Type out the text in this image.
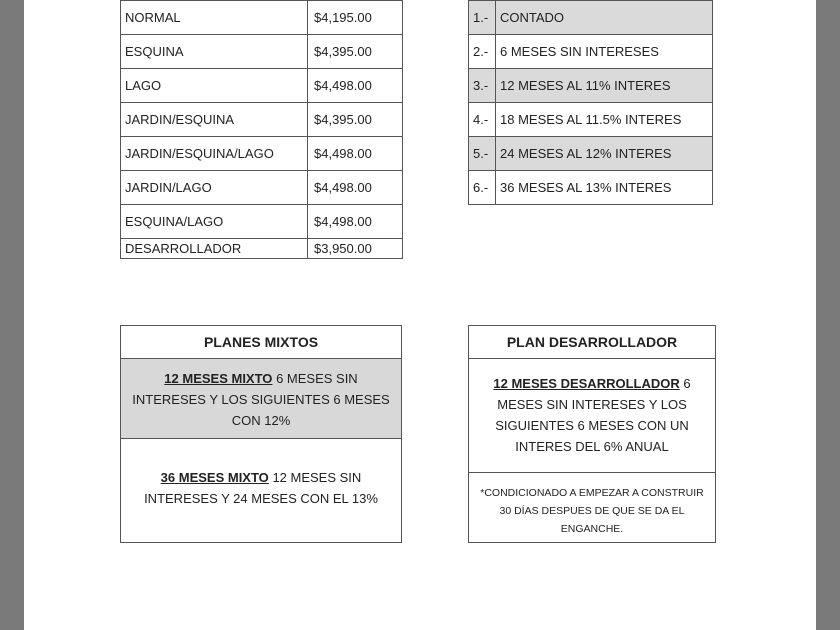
NORMAL	$4,195.00
ESQUINA	$4,395.00
LAGO	$4,498.00
JARDIN/ESQUINA	$4,395.00
JARDIN/ESQUINA/LAGO	$4,498.00
JARDIN/LAGO	$4,498.00
ESQUINA/LAGO	$4,498.00
DESARROLLADOR	$3,950.00
1.-	CONTADO
2.-	6 MESES SIN INTERESES
3.-	12 MESES AL 11% INTERES
4.-	18 MESES AL 11.5% INTERES
5.-	24 MESES AL 12% INTERES
6.-	36 MESES AL 13% INTERES
PLANES MIXTOS
12 MESES MIXTO 6 MESES SIN INTERESES Y LOS SIGUIENTES 6 MESES CON 12%
36 MESES MIXTO 12 MESES SIN INTERESES Y 24 MESES CON EL 13%
PLAN DESARROLLADOR
12 MESES DESARROLLADOR 6 MESES SIN INTERESES Y LOS SIGUIENTES 6 MESES CON UN INTERES DEL 6% ANUAL
*CONDICIONADO A EMPEZAR A CONSTRUIR 30 DÍAS DESPUES DE QUE SE DA EL ENGANCHE.
